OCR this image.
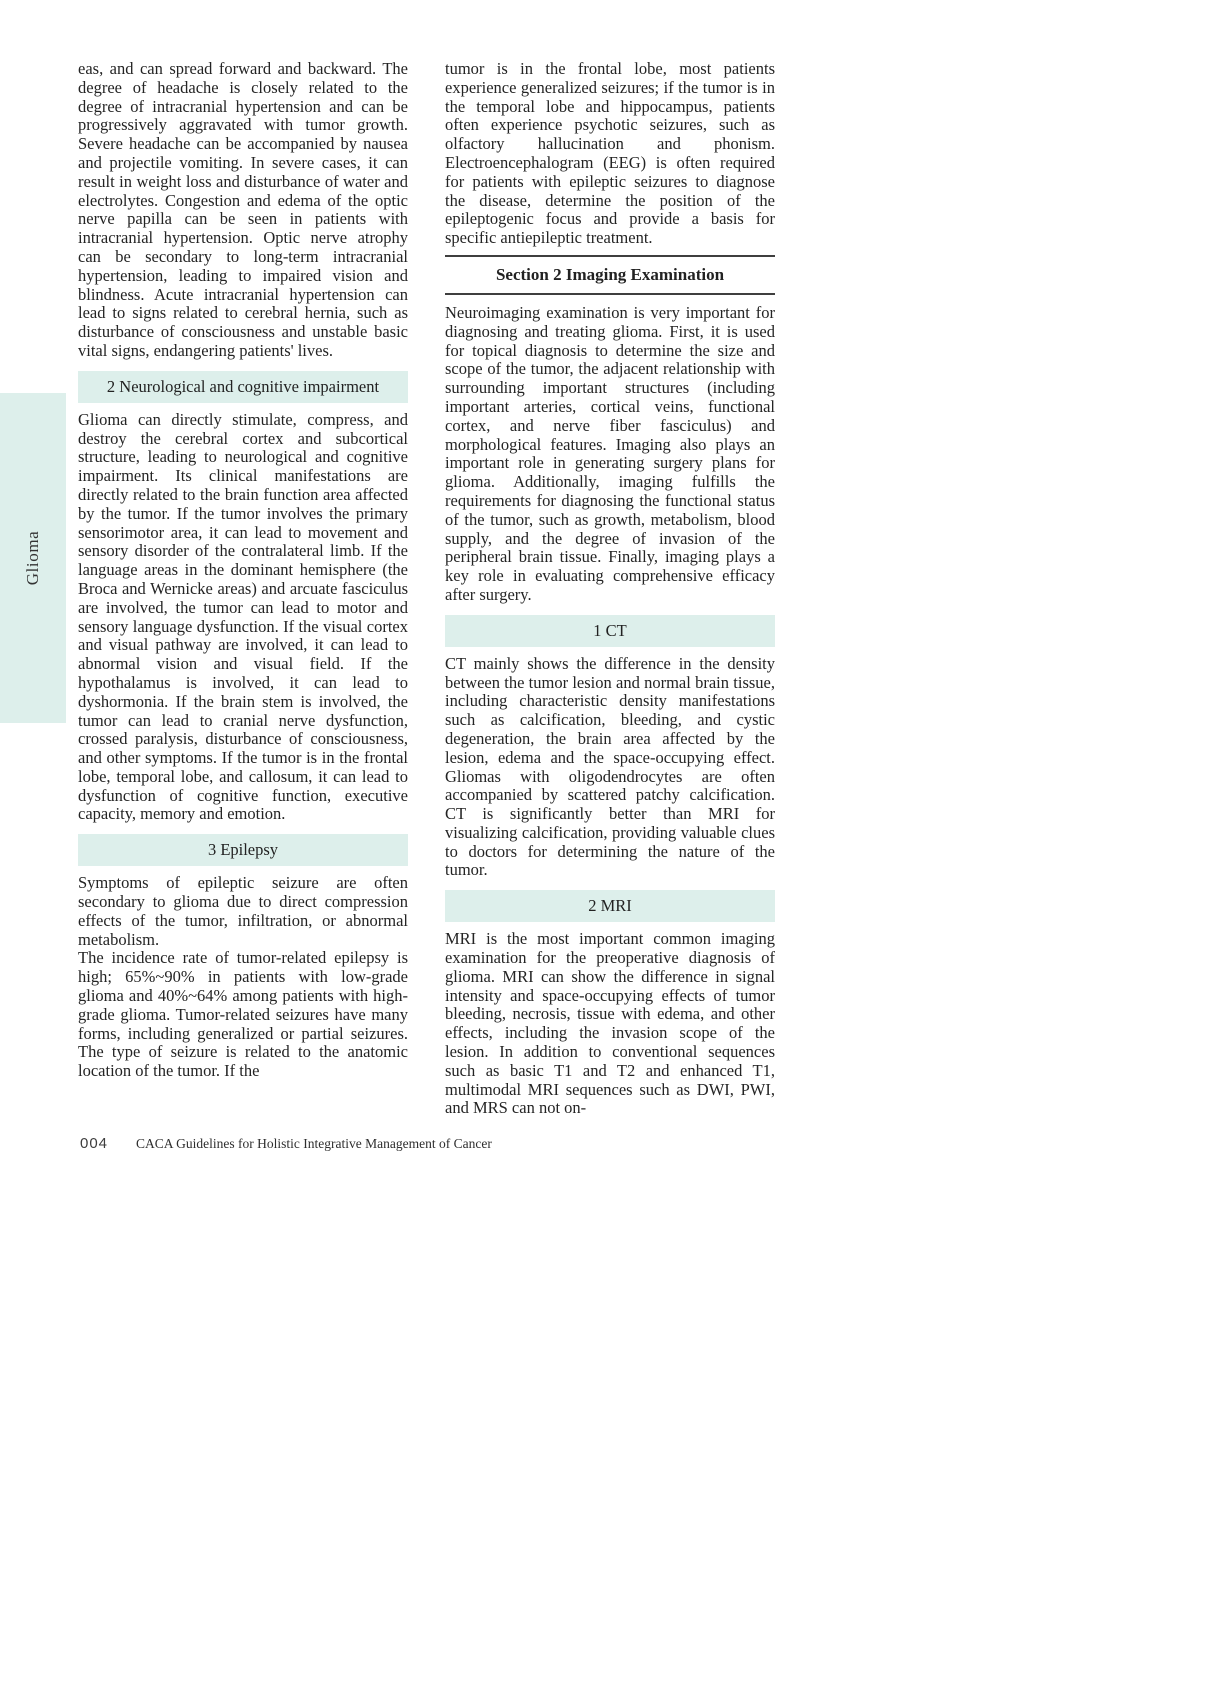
Glioma

eas, and can spread forward and backward. The degree of headache is closely related to the degree of intracranial hypertension and can be progressively aggravated with tumor growth. Severe headache can be accompanied by nausea and projectile vomiting. In severe cases, it can result in weight loss and disturbance of water and electrolytes. Congestion and edema of the optic nerve papilla can be seen in patients with intracranial hypertension. Optic nerve atrophy can be secondary to long-term intracranial hypertension, leading to impaired vision and blindness. Acute intracranial hypertension can lead to signs related to cerebral hernia, such as disturbance of consciousness and unstable basic vital signs, endangering patients' lives.

2 Neurological and cognitive impairment

Glioma can directly stimulate, compress, and destroy the cerebral cortex and subcortical structure, leading to neurological and cognitive impairment. Its clinical manifestations are directly related to the brain function area affected by the tumor. If the tumor involves the primary sensorimotor area, it can lead to movement and sensory disorder of the contralateral limb. If the language areas in the dominant hemisphere (the Broca and Wernicke areas) and arcuate fasciculus are involved, the tumor can lead to motor and sensory language dysfunction. If the visual cortex and visual pathway are involved, it can lead to abnormal vision and visual field. If the hypothalamus is involved, it can lead to dyshormonia. If the brain stem is involved, the tumor can lead to cranial nerve dysfunction, crossed paralysis, disturbance of consciousness, and other symptoms. If the tumor is in the frontal lobe, temporal lobe, and callosum, it can lead to dysfunction of cognitive function, executive capacity, memory and emotion.

3 Epilepsy

Symptoms of epileptic seizure are often secondary to glioma due to direct compression effects of the tumor, infiltration, or abnormal metabolism.

The incidence rate of tumor-related epilepsy is high; 65%~90% in patients with low-grade glioma and 40%~64% among patients with high-grade glioma. Tumor-related seizures have many forms, including generalized or partial seizures. The type of seizure is related to the anatomic location of the tumor. If the

tumor is in the frontal lobe, most patients experience generalized seizures; if the tumor is in the temporal lobe and hippocampus, patients often experience psychotic seizures, such as olfactory hallucination and phonism. Electroencephalogram (EEG) is often required for patients with epileptic seizures to diagnose the disease, determine the position of the epileptogenic focus and provide a basis for specific antiepileptic treatment.

Section 2 Imaging Examination

Neuroimaging examination is very important for diagnosing and treating glioma. First, it is used for topical diagnosis to determine the size and scope of the tumor, the adjacent relationship with surrounding important structures (including important arteries, cortical veins, functional cortex, and nerve fiber fasciculus) and morphological features. Imaging also plays an important role in generating surgery plans for glioma. Additionally, imaging fulfills the requirements for diagnosing the functional status of the tumor, such as growth, metabolism, blood supply, and the degree of invasion of the peripheral brain tissue. Finally, imaging plays a key role in evaluating comprehensive efficacy after surgery.

1 CT

CT mainly shows the difference in the density between the tumor lesion and normal brain tissue, including characteristic density manifestations such as calcification, bleeding, and cystic degeneration, the brain area affected by the lesion, edema and the space-occupying effect. Gliomas with oligodendrocytes are often accompanied by scattered patchy calcification. CT is significantly better than MRI for visualizing calcification, providing valuable clues to doctors for determining the nature of the tumor.

2 MRI

MRI is the most important common imaging examination for the preoperative diagnosis of glioma. MRI can show the difference in signal intensity and space-occupying effects of tumor bleeding, necrosis, tissue with edema, and other effects, including the invasion scope of the lesion. In addition to conventional sequences such as basic T1 and T2 and enhanced T1, multimodal MRI sequences such as DWI, PWI, and MRS can not on-

004 CACA Guidelines for Holistic Integrative Management of Cancer
